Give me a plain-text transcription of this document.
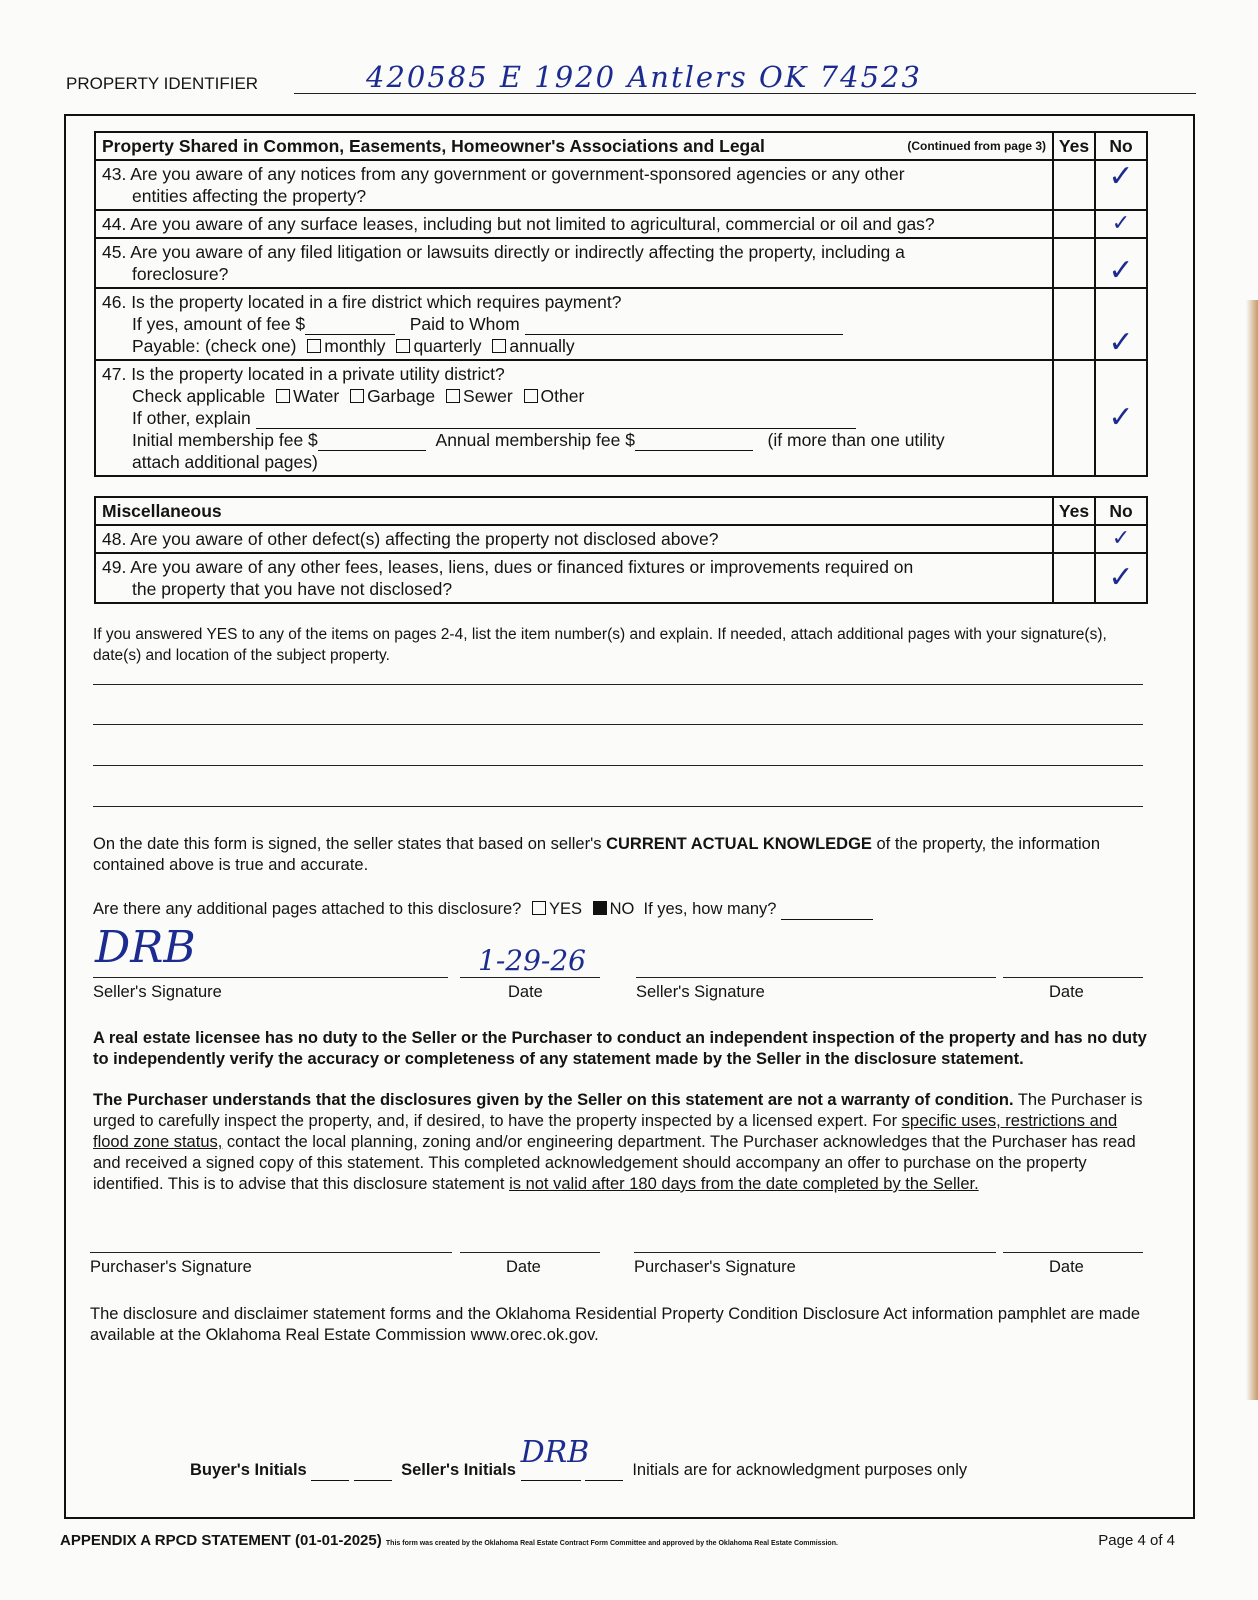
PROPERTY IDENTIFIER	420585 E 1920 Antlers OK 74523
Property Shared in Common, Easements, Homeowner's Associations and Legal (Continued from page 3)	Yes	No
43. Are you aware of any notices from any government or government-sponsored agencies or any other
entities affecting the property?		✓
44. Are you aware of any surface leases, including but not limited to agricultural, commercial or oil and gas?		✓
45. Are you aware of any filed litigation or lawsuits directly or indirectly affecting the property, including a
foreclosure?		✓
46. Is the property located in a fire district which requires payment?
If yes, amount of fee $ Paid to Whom
Payable: (check one) monthly quarterly annually		✓
47. Is the property located in a private utility district?
Check applicable Water Garbage Sewer Other
If other, explain
Initial membership fee $ Annual membership fee $ (if more than one utility
attach additional pages)		✓
Miscellaneous	Yes	No
48. Are you aware of other defect(s) affecting the property not disclosed above?		✓
49. Are you aware of any other fees, leases, liens, dues or financed fixtures or improvements required on
the property that you have not disclosed?		✓
If you answered YES to any of the items on pages 2-4, list the item number(s) and explain. If needed, attach additional pages with your signature(s), date(s) and location of the subject property.
On the date this form is signed, the seller states that based on seller's CURRENT ACTUAL KNOWLEDGE of the property, the information contained above is true and accurate.
Are there any additional pages attached to this disclosure? YES NO If yes, how many?
DRB	1-29-26
Seller's Signature	Date	Seller's Signature	Date
A real estate licensee has no duty to the Seller or the Purchaser to conduct an independent inspection of the property and has no duty to independently verify the accuracy or completeness of any statement made by the Seller in the disclosure statement.
The Purchaser understands that the disclosures given by the Seller on this statement are not a warranty of condition. The Purchaser is urged to carefully inspect the property, and, if desired, to have the property inspected by a licensed expert. For specific uses, restrictions and flood zone status, contact the local planning, zoning and/or engineering department. The Purchaser acknowledges that the Purchaser has read and received a signed copy of this statement. This completed acknowledgement should accompany an offer to purchase on the property identified. This is to advise that this disclosure statement is not valid after 180 days from the date completed by the Seller.
Purchaser's Signature	Date	Purchaser's Signature	Date
The disclosure and disclaimer statement forms and the Oklahoma Residential Property Condition Disclosure Act information pamphlet are made available at the Oklahoma Real Estate Commission www.orec.ok.gov.
Buyer's Initials	Seller's Initials DRB	Initials are for acknowledgment purposes only
APPENDIX A RPCD STATEMENT (01-01-2025) This form was created by the Oklahoma Real Estate Contract Form Committee and approved by the Oklahoma Real Estate Commission.	Page 4 of 4
